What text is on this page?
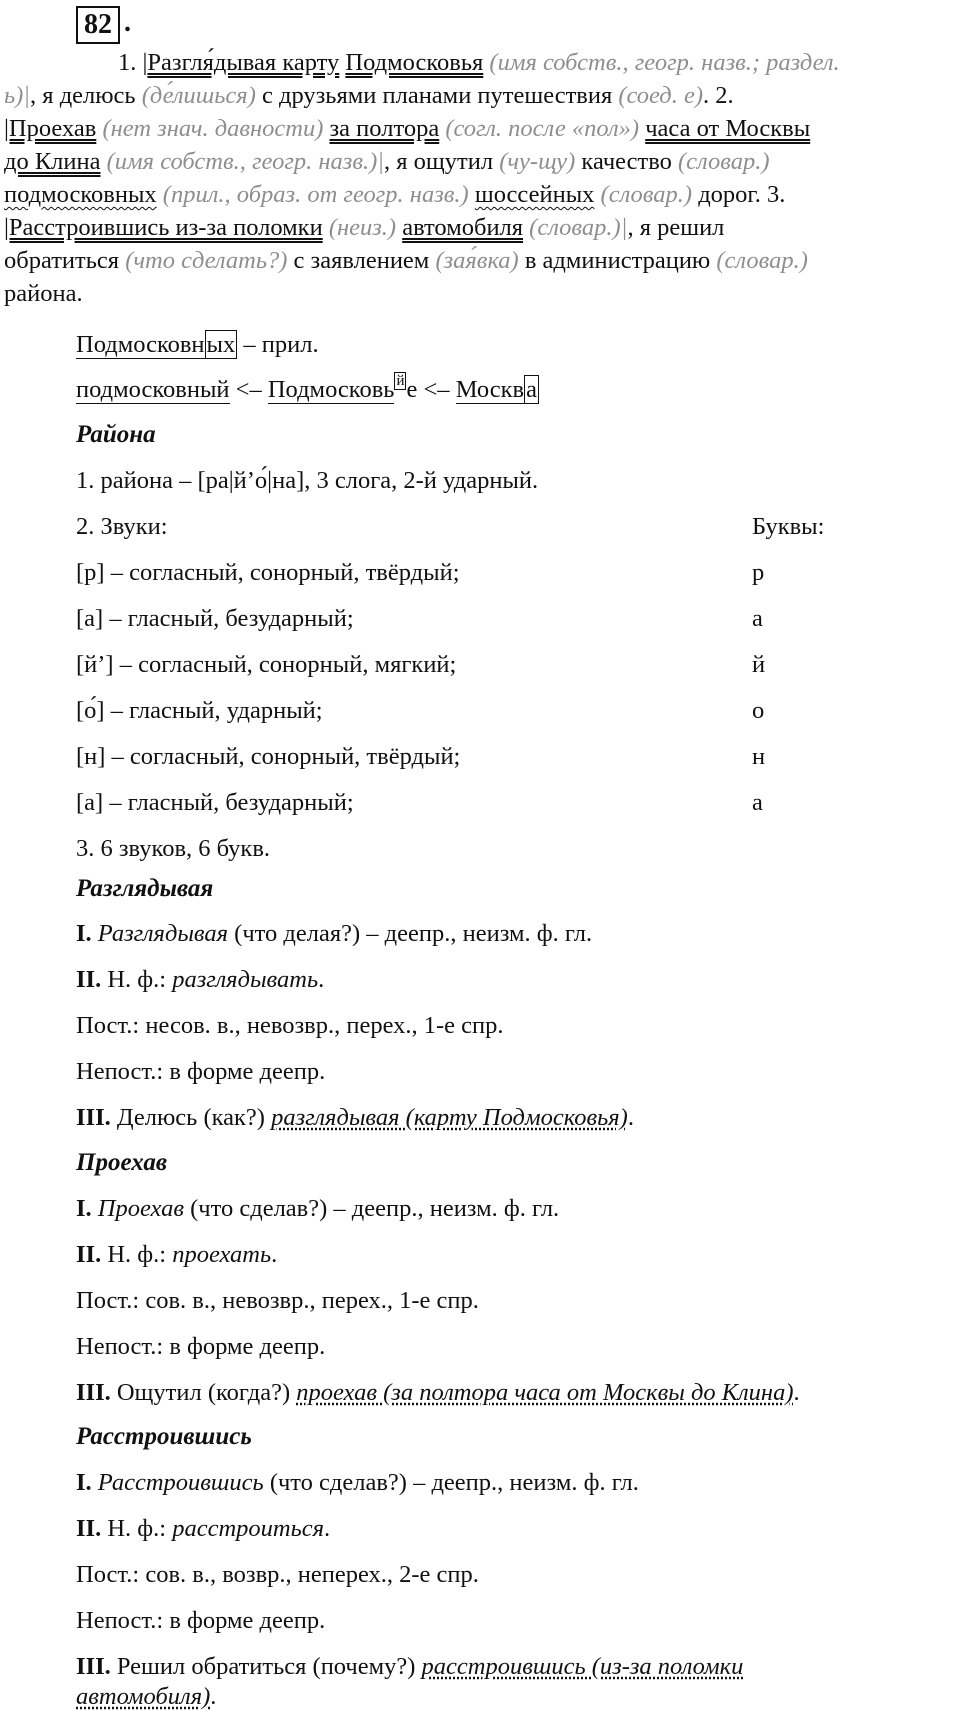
82 .
1. |Разгля́дывая карту Подмосковья (имя собств., геогр. назв.; раздел.
ь)|, я делюсь (де́лишься) с друзьями планами путешествия (соед. е). 2.
|Проехав (нет знач. давности) за полтора (согл. после «пол») часа от Москвы
до Клина (имя собств., геогр. назв.)|, я ощутил (чу-щу) качество (словар.)
подмосковных (прил., образ. от геогр. назв.) шоссейных (словар.) дорог. 3.
|Расстроившись из-за поломки (неиз.) автомобиля (словар.)|, я решил
обратиться (что сделать?) с заявлением (зая́вка) в администрацию (словар.)
района.
Подмосковных – прил.
подмосковный <– Подмосковь $^й$е <– Москва
Района
1. района – [ра|й’о́|на], 3 слога, 2-й ударный.
2. Звуки:	Буквы:
[р] – согласный, сонорный, твёрдый;	р
[а] – гласный, безударный;	а
[й’] – согласный, сонорный, мягкий;	й
[о́] – гласный, ударный;	о
[н] – согласный, сонорный, твёрдый;	н
[а] – гласный, безударный;	а
3. 6 звуков, 6 букв.
Разглядывая
I. Разглядывая (что делая?) – деепр., неизм. ф. гл.
II. Н. ф.: разглядывать.
Пост.: несов. в., невозвр., перех., 1-е спр.
Непост.: в форме деепр.
III. Делюсь (как?) разглядывая (карту Подмосковья).
Проехав
I. Проехав (что сделав?) – деепр., неизм. ф. гл.
II. Н. ф.: проехать.
Пост.: сов. в., невозвр., перех., 1-е спр.
Непост.: в форме деепр.
III. Ощутил (когда?) проехав (за полтора часа от Москвы до Клина).
Расстроившись
I. Расстроившись (что сделав?) – деепр., неизм. ф. гл.
II. Н. ф.: расстроиться.
Пост.: сов. в., возвр., неперех., 2-е спр.
Непост.: в форме деепр.
III. Решил обратиться (почему?) расстроившись (из-за поломки
автомобиля).
